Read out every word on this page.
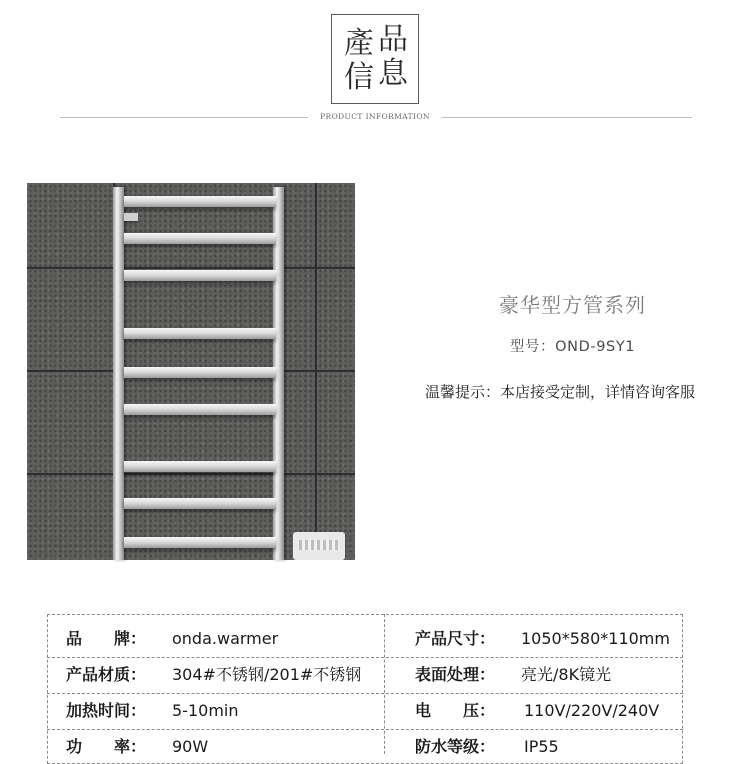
產 品
信 息
PRODUCT INFORMATION
豪华型方管系列
型号：OND-9SY1
温馨提示：本店接受定制，详情咨询客服
品　　牌： onda.warmer	产品尺寸： 1050*580*110mm
产品材质： 304#不锈钢/201#不锈钢	表面处理： 亮光/8K镜光
加热时间： 5-10min	电　　压： 110V/220V/240V
功　　率： 90W	防水等级： IP55
